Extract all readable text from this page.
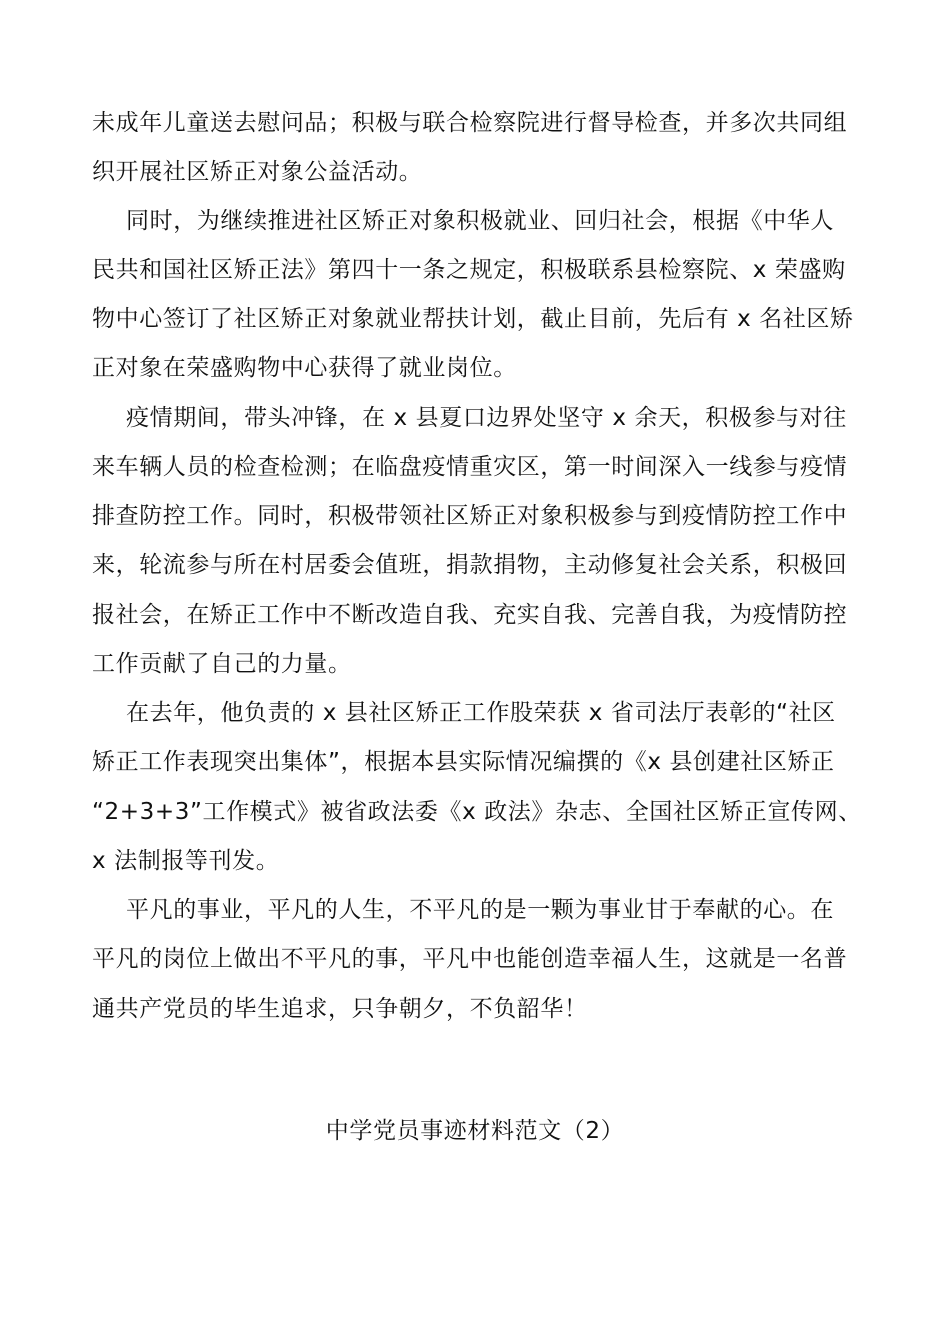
未成年儿童送去慰问品；积极与联合检察院进行督导检查，并多次共同组
织开展社区矫正对象公益活动。
同时，为继续推进社区矫正对象积极就业、回归社会，根据《中华人
民共和国社区矫正法》第四十一条之规定，积极联系县检察院、x 荣盛购
物中心签订了社区矫正对象就业帮扶计划，截止目前，先后有 x 名社区矫
正对象在荣盛购物中心获得了就业岗位。
疫情期间，带头冲锋，在 x 县夏口边界处坚守 x 余天，积极参与对往
来车辆人员的检查检测；在临盘疫情重灾区，第一时间深入一线参与疫情
排查防控工作。同时，积极带领社区矫正对象积极参与到疫情防控工作中
来，轮流参与所在村居委会值班，捐款捐物，主动修复社会关系，积极回
报社会，在矫正工作中不断改造自我、充实自我、完善自我，为疫情防控
工作贡献了自己的力量。
在去年，他负责的 x 县社区矫正工作股荣获 x 省司法厅表彰的“社区
矫正工作表现突出集体”，根据本县实际情况编撰的《x 县创建社区矫正
“2+3+3”工作模式》被省政法委《x 政法》杂志、全国社区矫正宣传网、
x 法制报等刊发。
平凡的事业，平凡的人生，不平凡的是一颗为事业甘于奉献的心。在
平凡的岗位上做出不平凡的事，平凡中也能创造幸福人生，这就是一名普
通共产党员的毕生追求，只争朝夕，不负韶华！
中学党员事迹材料范文（2）
